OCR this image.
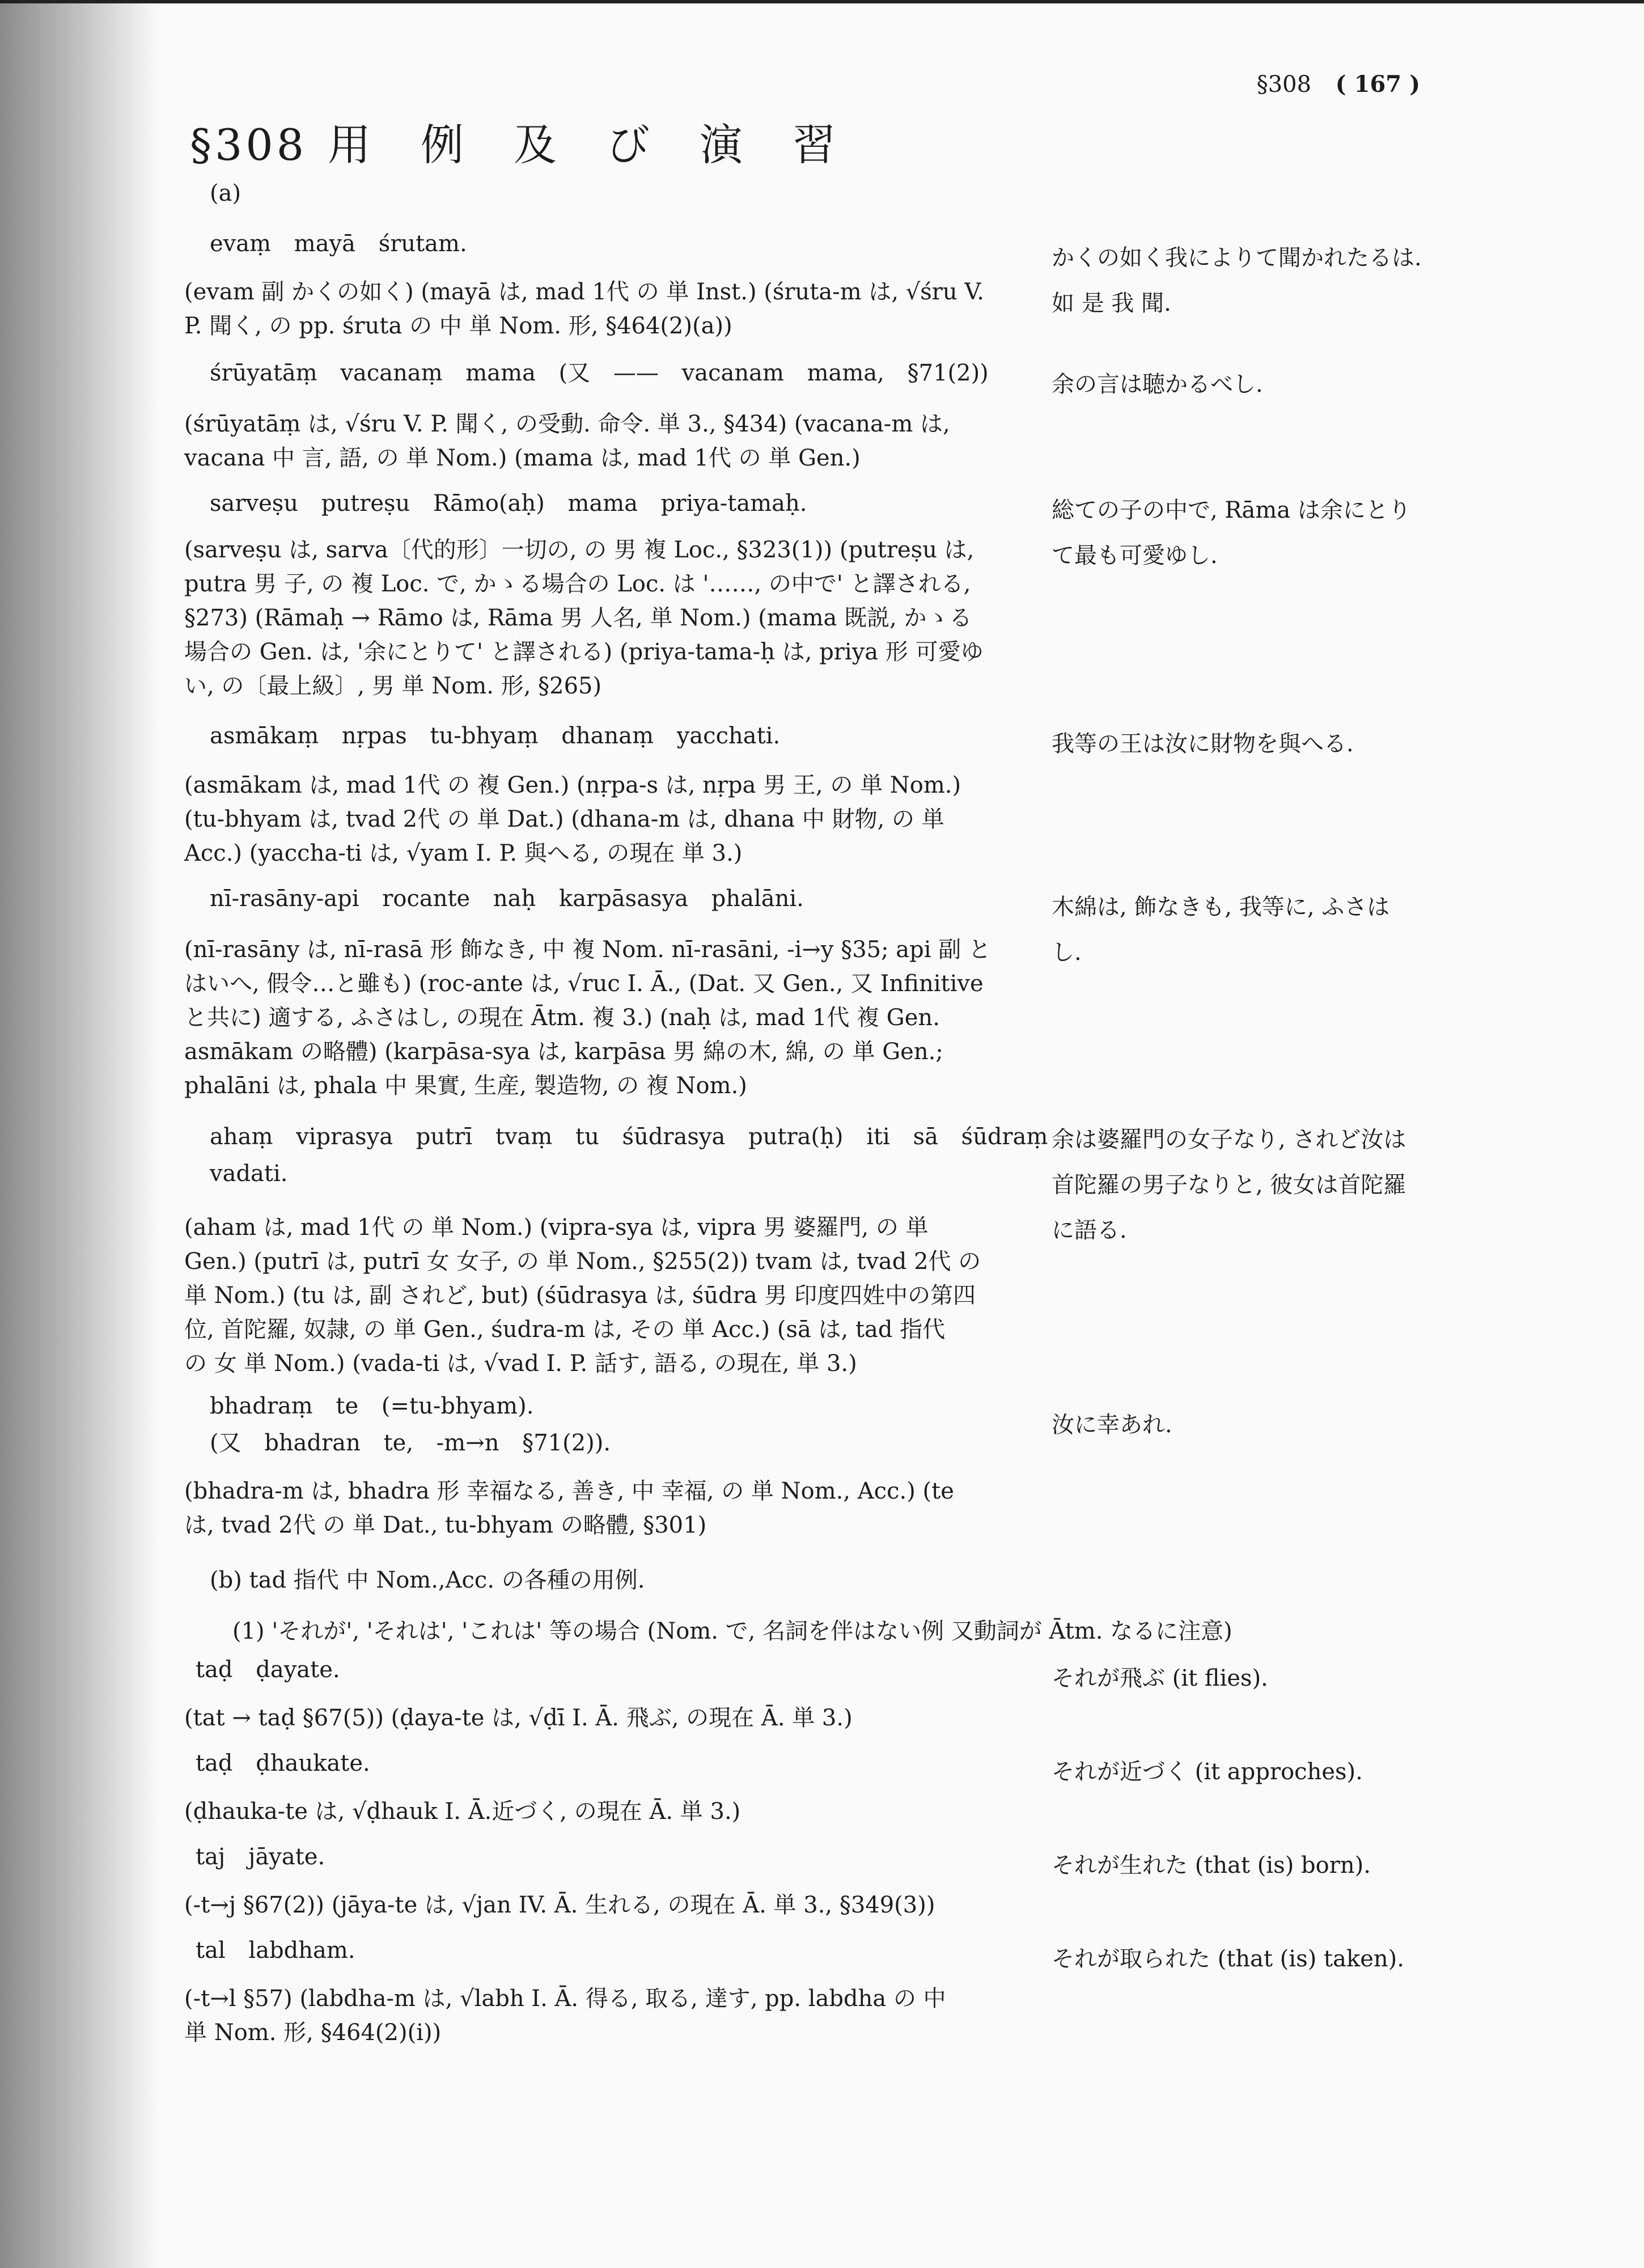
§308 ( 167 )
§308 用例及び演習
(a)
evaṃ mayā śrutam.
(evam 副 かくの如く) (mayā は, mad 1代 の 単 Inst.) (śruta-m は, √śru V.
P. 聞く, の pp. śruta の 中 単 Nom. 形, §464(2)(a))
かくの如く我によりて聞かれたるは.
如 是 我 聞.
śrūyatāṃ vacanaṃ mama (又 —— vacanam mama, §71(2))
(śrūyatāṃ は, √śru V. P. 聞く, の受動. 命令. 単 3., §434) (vacana-m は,
vacana 中 言, 語, の 単 Nom.) (mama は, mad 1代 の 単 Gen.)
余の言は聴かるべし.
sarveṣu putreṣu Rāmo(aḥ) mama priya-tamaḥ.
(sarveṣu は, sarva〔代的形〕一切の, の 男 複 Loc., §323(1)) (putreṣu は,
putra 男 子, の 複 Loc. で, かゝる場合の Loc. は '……, の中で' と譯される,
§273) (Rāmaḥ → Rāmo は, Rāma 男 人名, 単 Nom.) (mama 既説, かゝる
場合の Gen. は, '余にとりて' と譯される) (priya-tama-ḥ は, priya 形 可愛ゆ
い, の〔最上級〕, 男 単 Nom. 形, §265)
総ての子の中で, Rāma は余にとり
て最も可愛ゆし.
asmākaṃ nṛpas tu-bhyaṃ dhanaṃ yacchati.
(asmākam は, mad 1代 の 複 Gen.) (nṛpa-s は, nṛpa 男 王, の 単 Nom.)
(tu-bhyam は, tvad 2代 の 単 Dat.) (dhana-m は, dhana 中 財物, の 単
Acc.) (yaccha-ti は, √yam I. P. 與へる, の現在 単 3.)
我等の王は汝に財物を與へる.
nī-rasāny-api rocante naḥ karpāsasya phalāni.
(nī-rasāny は, nī-rasā 形 飾なき, 中 複 Nom. nī-rasāni, -i→y §35; api 副 と
はいへ, 假令…と雖も) (roc-ante は, √ruc I. Ā., (Dat. 又 Gen., 又 Infinitive
と共に) 適する, ふさはし, の現在 Ātm. 複 3.) (naḥ は, mad 1代 複 Gen.
asmākam の略體) (karpāsa-sya は, karpāsa 男 綿の木, 綿, の 単 Gen.;
phalāni は, phala 中 果實, 生産, 製造物, の 複 Nom.)
木綿は, 飾なきも, 我等に, ふさは
し.
ahaṃ viprasya putrī tvaṃ tu śūdrasya putra(ḥ) iti sā śūdraṃ
vadati.
(aham は, mad 1代 の 単 Nom.) (vipra-sya は, vipra 男 婆羅門, の 単
Gen.) (putrī は, putrī 女 女子, の 単 Nom., §255(2)) tvam は, tvad 2代 の
単 Nom.) (tu は, 副 されど, but) (śūdrasya は, śūdra 男 印度四姓中の第四
位, 首陀羅, 奴隷, の 単 Gen., śudra-m は, その 単 Acc.) (sā は, tad 指代
の 女 単 Nom.) (vada-ti は, √vad I. P. 話す, 語る, の現在, 単 3.)
余は婆羅門の女子なり, されど汝は
首陀羅の男子なりと, 彼女は首陀羅
に語る.
bhadraṃ te (=tu-bhyam).
(又 bhadran te, -m→n §71(2)).
(bhadra-m は, bhadra 形 幸福なる, 善き, 中 幸福, の 単 Nom., Acc.) (te
は, tvad 2代 の 単 Dat., tu-bhyam の略體, §301)
汝に幸あれ.
(b) tad 指代 中 Nom.,Acc. の各種の用例.
(1) 'それが', 'それは', 'これは' 等の場合 (Nom. で, 名詞を伴はない例 又動詞が Ātm. なるに注意)
taḍ ḍayate.
(tat → taḍ §67(5)) (ḍaya-te は, √ḍī I. Ā. 飛ぶ, の現在 Ā. 単 3.)
それが飛ぶ (it flies).
taḍ ḍhaukate.
(ḍhauka-te は, √ḍhauk I. Ā.近づく, の現在 Ā. 単 3.)
それが近づく (it approches).
taj jāyate.
(-t→j §67(2)) (jāya-te は, √jan IV. Ā. 生れる, の現在 Ā. 単 3., §349(3))
それが生れた (that (is) born).
tal labdham.
(-t→l §57) (labdha-m は, √labh I. Ā. 得る, 取る, 達す, pp. labdha の 中
単 Nom. 形, §464(2)(i))
それが取られた (that (is) taken).
